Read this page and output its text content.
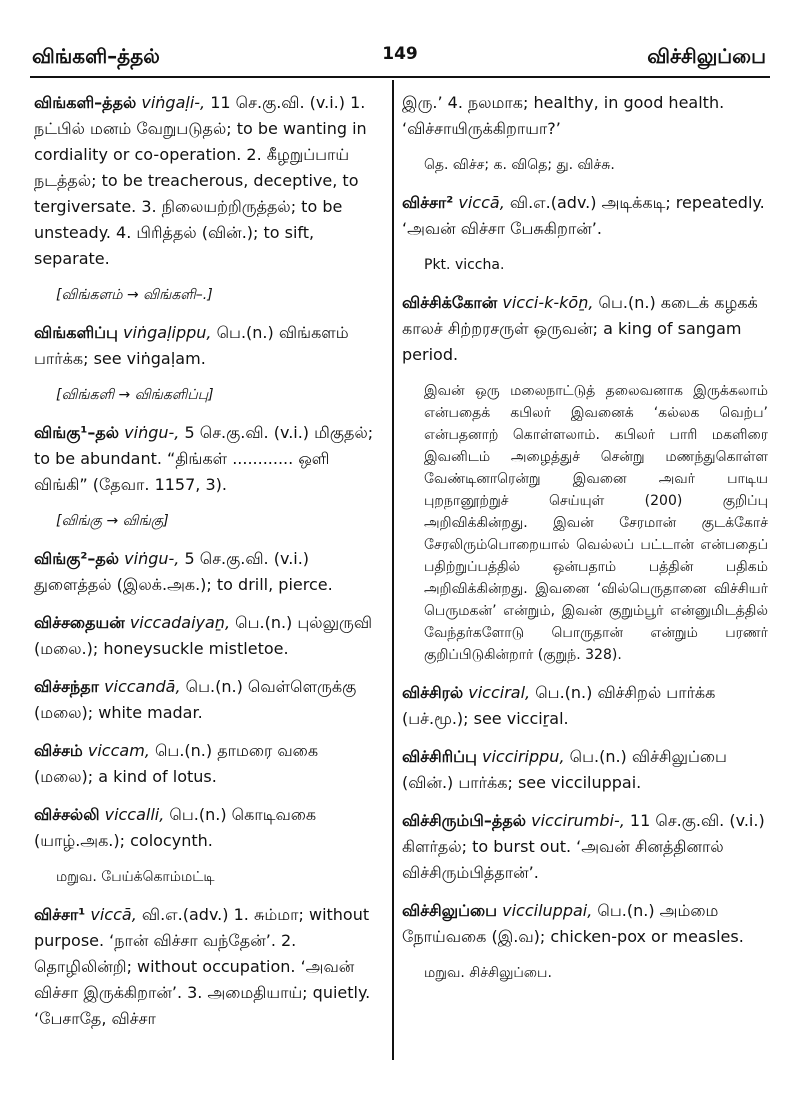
விங்களி–த்தல்	149	விச்சிலுப்பை
விங்களி–த்தல் viṅgaḷi-, 11 செ.கு.வி. (v.i.) 1. நட்பில் மனம் வேறுபடுதல்; to be wanting in cordiality or co-operation. 2. கீழறுப்பாய் நடத்தல்; to be treacherous, deceptive, to tergiversate. 3. நிலையற்றிருத்தல்; to be unsteady. 4. பிரித்தல் (வின்.); to sift, separate.
[விங்களம் → விங்களி–.]
விங்களிப்பு viṅgaḷippu, பெ.(n.) விங்களம் பார்க்க; see viṅgaḷam.
[விங்களி → விங்களிப்பு]
விங்கு¹–தல் viṅgu-, 5 செ.கு.வி. (v.i.) மிகுதல்; to be abundant. “திங்கள் ............ ஒளி விங்கி” (தேவா. 1157, 3).
[விங்கு → விங்கு]
விங்கு²–தல் viṅgu-, 5 செ.கு.வி. (v.i.) துளைத்தல் (இலக்.அக.); to drill, pierce.
விச்சதையன் viccadaiyaṉ, பெ.(n.) புல்லுருவி (மலை.); honeysuckle mistletoe.
விச்சந்தா viccandā, பெ.(n.) வெள்ளெருக்கு (மலை); white madar.
விச்சம் viccam, பெ.(n.) தாமரை வகை (மலை); a kind of lotus.
விச்சல்லி viccalli, பெ.(n.) கொடிவகை (யாழ்.அக.); colocynth.
மறுவ. பேய்க்கொம்மட்டி
விச்சா¹ viccā, வி.எ.(adv.) 1. சும்மா; without purpose. ‘நான் விச்சா வந்தேன்’. 2. தொழிலின்றி; without occupation. ‘அவன் விச்சா இருக்கிறான்’. 3. அமைதியாய்; quietly. ‘பேசாதே, விச்சா
இரு.’ 4. நலமாக; healthy, in good health. ‘விச்சாயிருக்கிறாயா?’
தெ. விச்ச; க. விதெ; து. விச்சு.
விச்சா² viccā, வி.எ.(adv.) அடிக்கடி; repeatedly. ‘அவன் விச்சா பேசுகிறான்’.
Pkt. viccha.
விச்சிக்கோன் vicci-k-kōṉ, பெ.(n.) கடைக் கழகக் காலச் சிற்றரசருள் ஒருவன்; a king of sangam period.
இவன் ஒரு மலைநாட்டுத் தலைவனாக இருக்கலாம் என்பதைக் கபிலர் இவனைக் ‘கல்லக வெற்ப’ என்பதனாற் கொள்ளலாம். கபிலர் பாரி மகளிரை இவனிடம் அழைத்துச் சென்று மணந்துகொள்ள வேண்டினாரென்று இவனை அவர் பாடிய புறநானூற்றுச் செய்யுள் (200) குறிப்பு அறிவிக்கின்றது. இவன் சேரமான் குடக்கோச் சேரலிரும்பொறையால் வெல்லப் பட்டான் என்பதைப் பதிற்றுப்பத்தில் ஒன்பதாம் பத்தின் பதிகம் அறிவிக்கின்றது. இவனை ‘வில்பெருதானை விச்சியர் பெருமகன்’ என்றும், இவன் குறும்பூர் என்னுமிடத்தில் வேந்தர்களோடு பொருதான் என்றும் பரணர் குறிப்பிடுகின்றார் (குறுந். 328).
விச்சிரல் vicciral, பெ.(n.) விச்சிறல் பார்க்க (பச்.மூ.); see vicciṟal.
விச்சிரிப்பு viccirippu, பெ.(n.) விச்சிலுப்பை (வின்.) பார்க்க; see vicciluppai.
விச்சிரும்பி–த்தல் viccirumbi-, 11 செ.கு.வி. (v.i.) கிளர்தல்; to burst out. ‘அவன் சினத்தினால் விச்சிரும்பித்தான்’.
விச்சிலுப்பை vicciluppai, பெ.(n.) அம்மை நோய்வகை (இ.வ); chicken-pox or measles.
மறுவ. சிச்சிலுப்பை.
